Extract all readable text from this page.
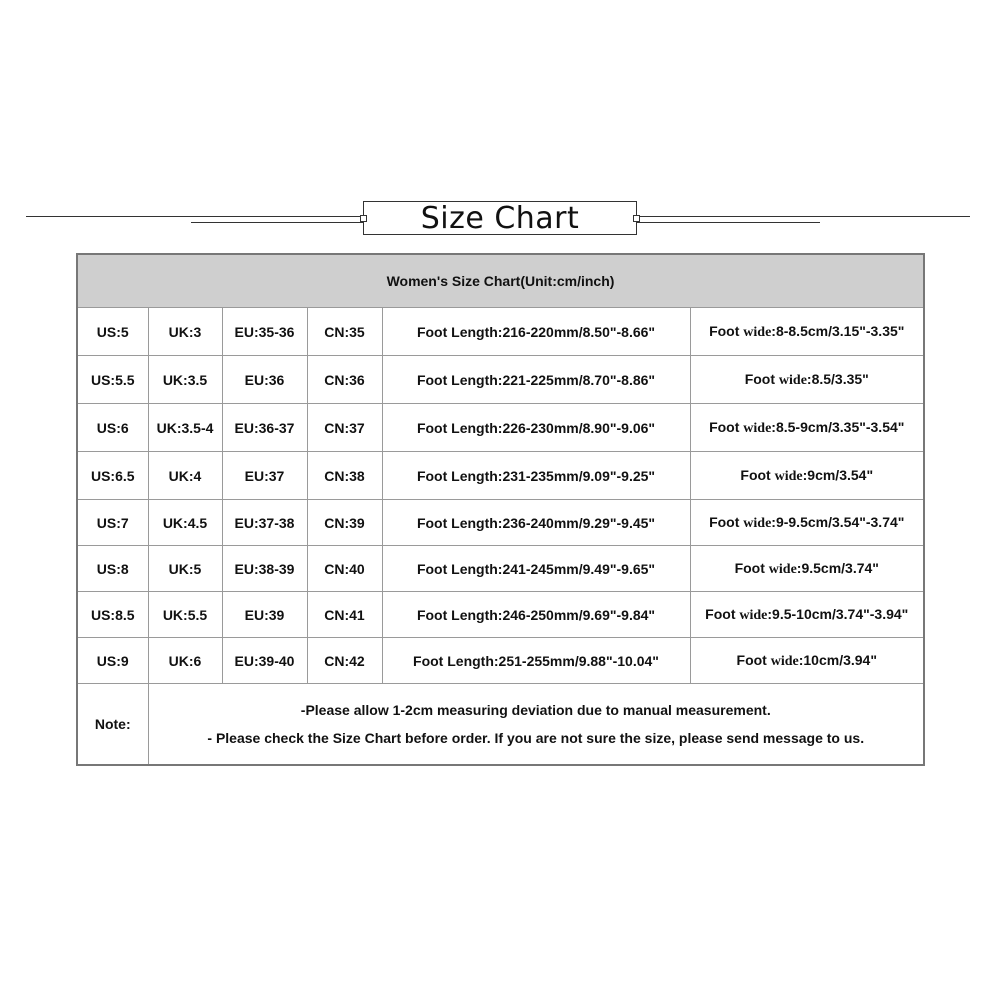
Size Chart
Women's Size Chart(Unit:cm/inch)					
US:5	UK:3	EU:35-36	CN:35	Foot Length:216-220mm/8.50"-8.66"	Foot wide:8-8.5cm/3.15"-3.35"
US:5.5	UK:3.5	EU:36	CN:36	Foot Length:221-225mm/8.70"-8.86"	Foot wide:8.5/3.35"
US:6	UK:3.5-4	EU:36-37	CN:37	Foot Length:226-230mm/8.90"-9.06"	Foot wide:8.5-9cm/3.35"-3.54"
US:6.5	UK:4	EU:37	CN:38	Foot Length:231-235mm/9.09"-9.25"	Foot wide:9cm/3.54"
US:7	UK:4.5	EU:37-38	CN:39	Foot Length:236-240mm/9.29"-9.45"	Foot wide:9-9.5cm/3.54"-3.74"
US:8	UK:5	EU:38-39	CN:40	Foot Length:241-245mm/9.49"-9.65"	Foot wide:9.5cm/3.74"
US:8.5	UK:5.5	EU:39	CN:41	Foot Length:246-250mm/9.69"-9.84"	Foot wide:9.5-10cm/3.74"-3.94"
US:9	UK:6	EU:39-40	CN:42	Foot Length:251-255mm/9.88"-10.04"	Foot wide:10cm/3.94"
Note:	-Please allow 1-2cm measuring deviation due to manual measurement.
- Please check the Size Chart before order. If you are not sure the size, please send message to us.				
